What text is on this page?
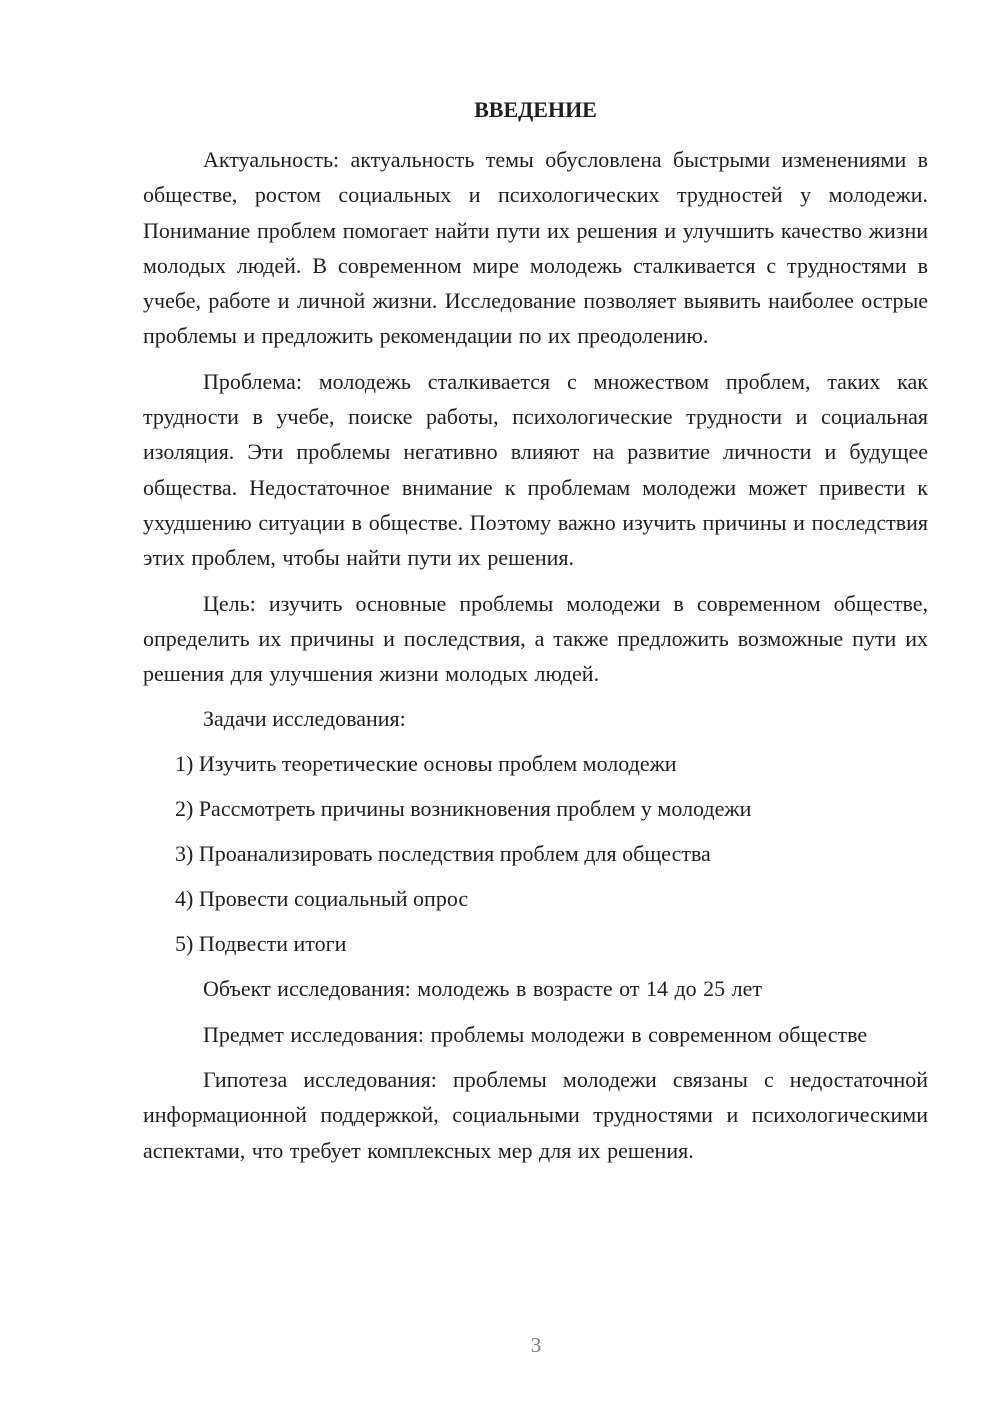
ВВЕДЕНИЕ

Актуальность: актуальность темы обусловлена быстрыми изменениями в обществе, ростом социальных и психологических трудностей у молодежи. Понимание проблем помогает найти пути их решения и улучшить качество жизни молодых людей. В современном мире молодежь сталкивается с трудностями в учебе, работе и личной жизни. Исследование позволяет выявить наиболее острые проблемы и предложить рекомендации по их преодолению.

Проблема: молодежь сталкивается с множеством проблем, таких как трудности в учебе, поиске работы, психологические трудности и социальная изоляция. Эти проблемы негативно влияют на развитие личности и будущее общества. Недостаточное внимание к проблемам молодежи может привести к ухудшению ситуации в обществе. Поэтому важно изучить причины и последствия этих проблем, чтобы найти пути их решения.

Цель: изучить основные проблемы молодежи в современном обществе, определить их причины и последствия, а также предложить возможные пути их решения для улучшения жизни молодых людей.

Задачи исследования:
1) Изучить теоретические основы проблем молодежи
2) Рассмотреть причины возникновения проблем у молодежи
3) Проанализировать последствия проблем для общества
4) Провести социальный опрос
5) Подвести итоги

Объект исследования: молодежь в возрасте от 14 до 25 лет

Предмет исследования: проблемы молодежи в современном обществе

Гипотеза исследования: проблемы молодежи связаны с недостаточной информационной поддержкой, социальными трудностями и психологическими аспектами, что требует комплексных мер для их решения.

3
